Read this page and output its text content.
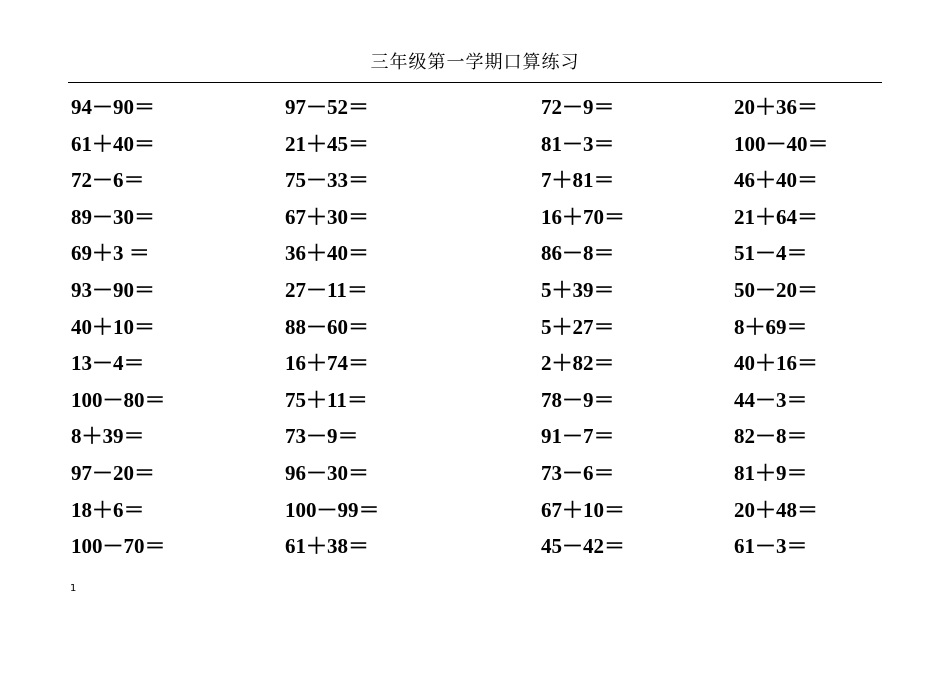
三年级第一学期口算练习
94－90＝	97－52＝	72－9＝	20＋36＝
61＋40＝	21＋45＝	81－3＝	100－40＝
72－6＝	75－33＝	7＋81＝	46＋40＝
89－30＝	67＋30＝	16＋70＝	21＋64＝
69＋3 ＝	36＋40＝	86－8＝	51－4＝
93－90＝	27－11＝	5＋39＝	50－20＝
40＋10＝	88－60＝	5＋27＝	8＋69＝
13－4＝	16＋74＝	2＋82＝	40＋16＝
100－80＝	75＋11＝	78－9＝	44－3＝
8＋39＝	73－9＝	91－7＝	82－8＝
97－20＝	96－30＝	73－6＝	81＋9＝
18＋6＝	100－99＝	67＋10＝	20＋48＝
100－70＝	61＋38＝	45－42＝	61－3＝
1
